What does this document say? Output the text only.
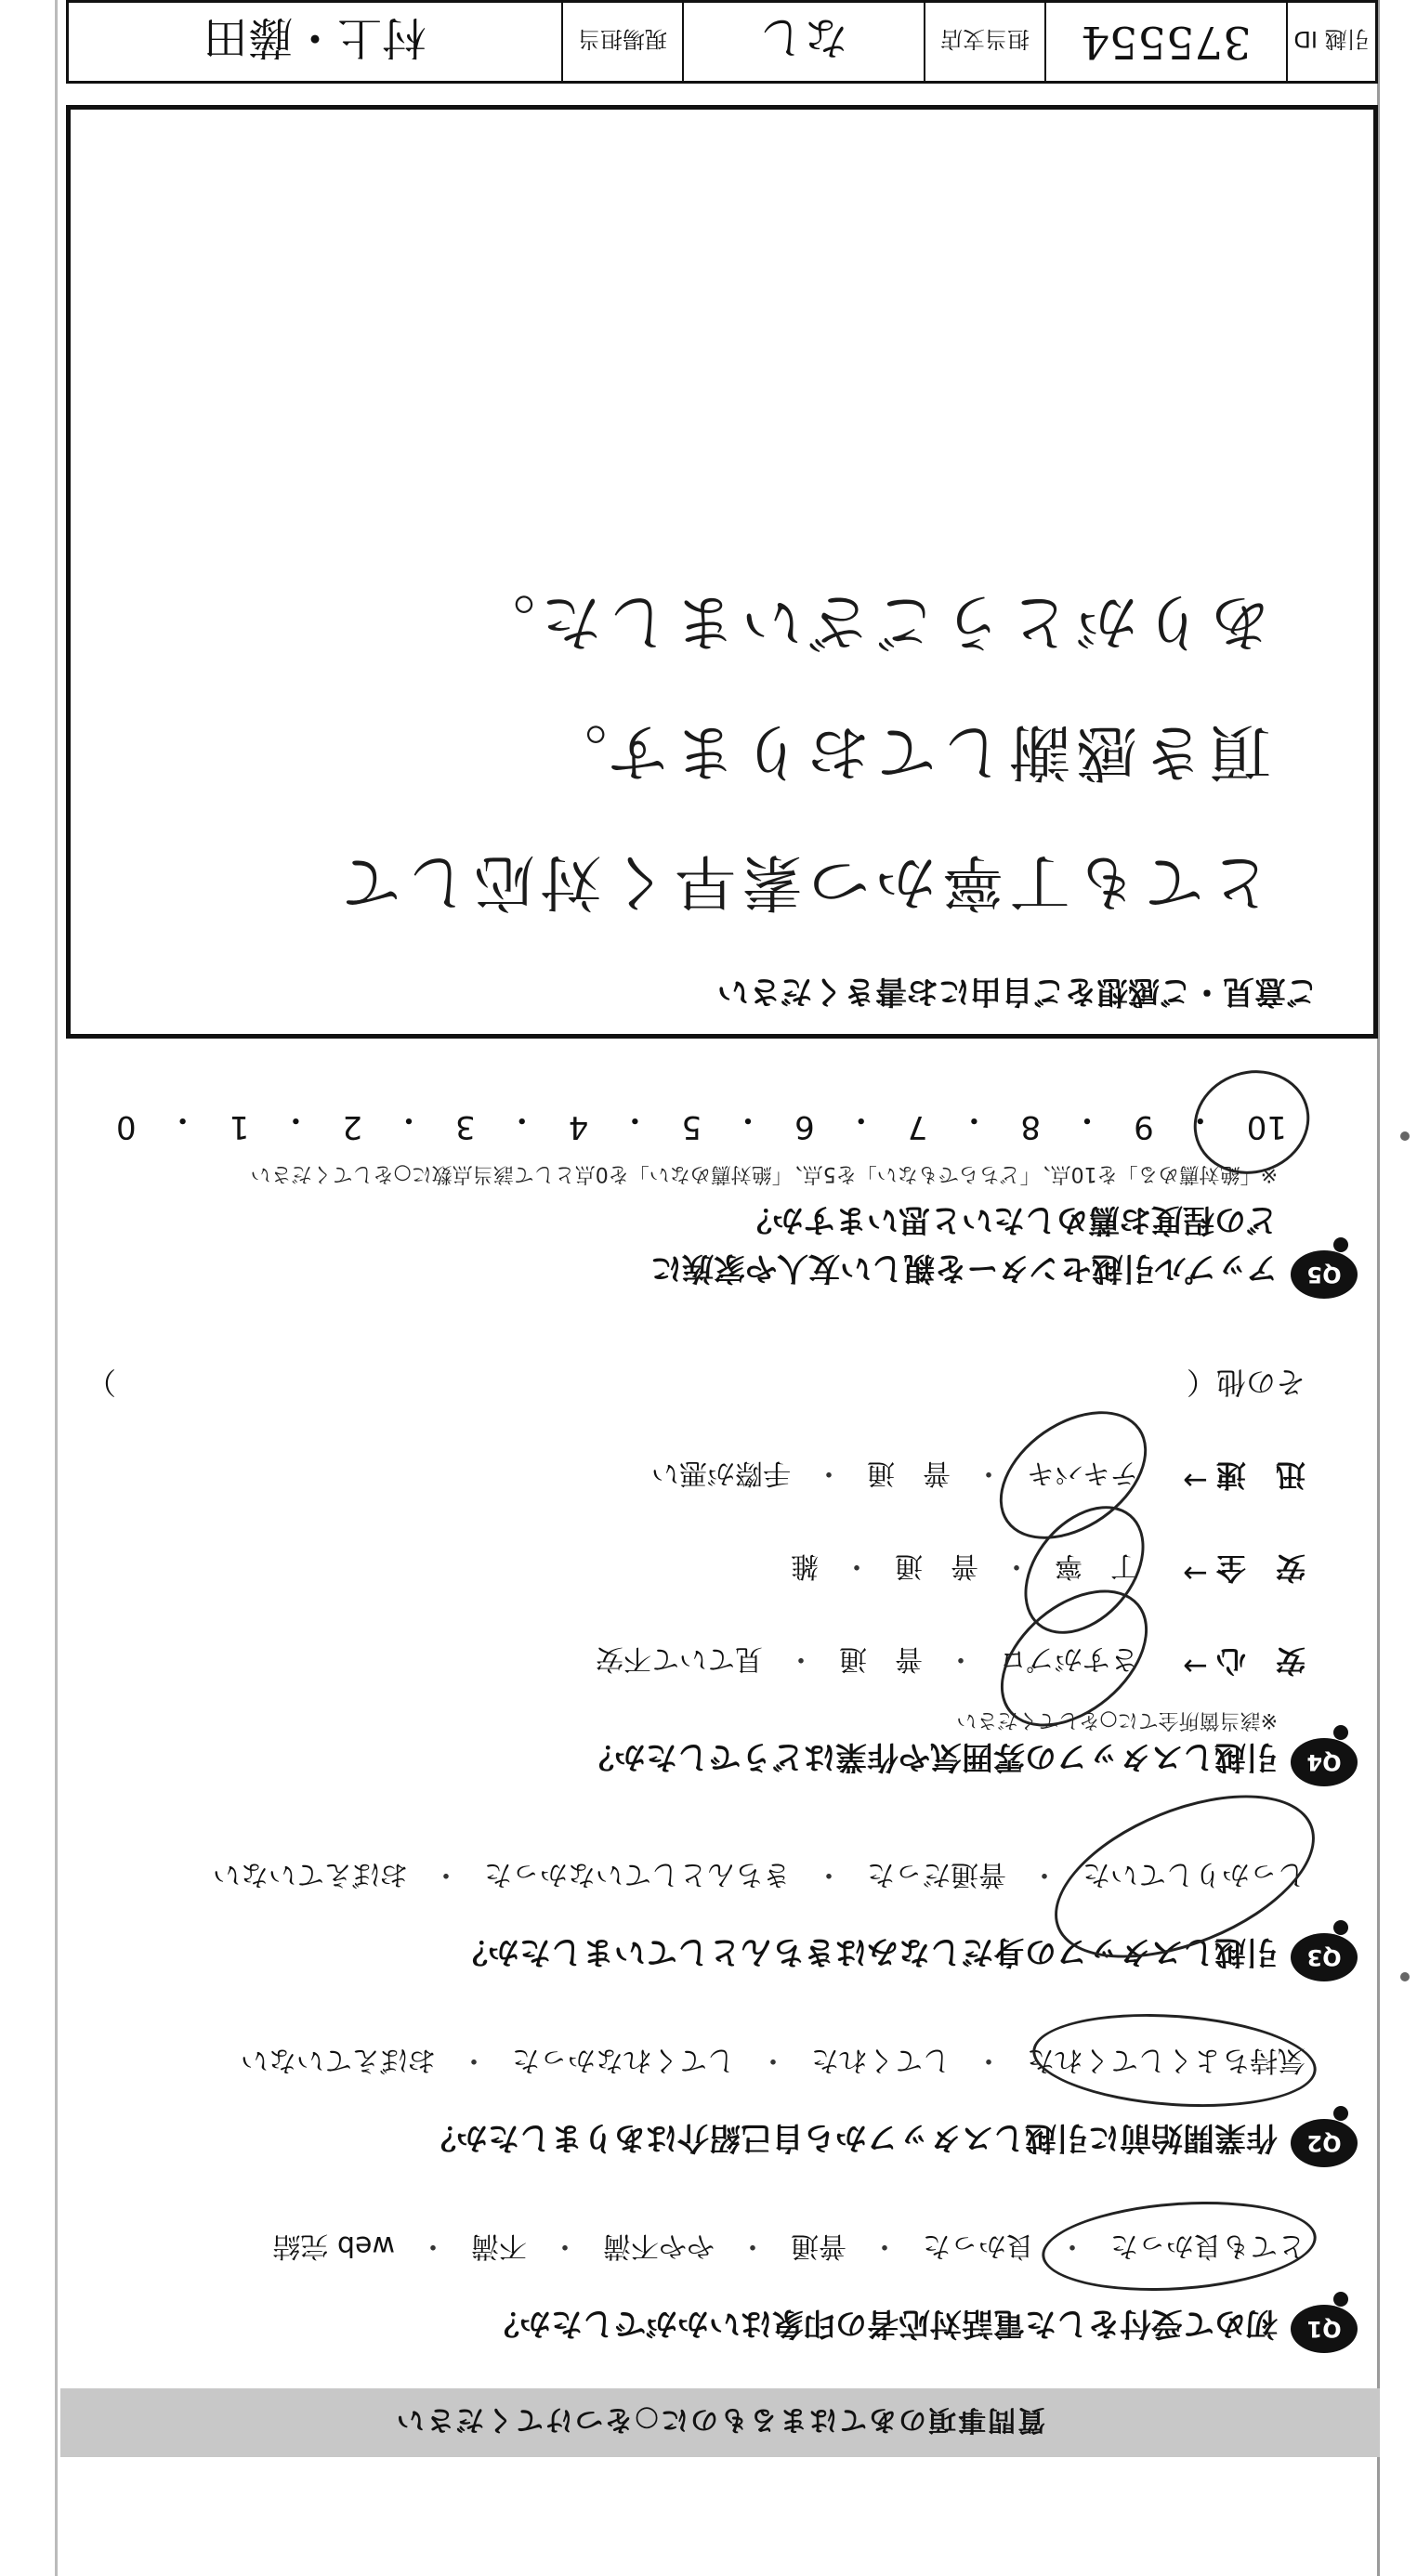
質問事項のあてはまるものに○をつけてください
Q1
初めて受付をした電話対応者の印象はいかがでしたか？
とても良かった
・
良かった
・
普通
・
やや不満
・
不満
・
web 完結
Q2
作業開始前に引越しスタッフから自己紹介はありましたか？
気持ちよくしてくれた
・
してくれた
・
してくれなかった
・
おぼえていない
Q3
引越しスタッフの身だしなみはきちんとしていましたか？
しっかりしていた
・
普通だった
・
きちんとしていなかった
・
おぼえていない
Q4
引越しスタッフの雰囲気や作業はどうでしたか？
※該当箇所全てに○をしてください
安　心
→
さすがプロ
・
普　通
・
見ていて不安
安　全
→
丁　寧
・
普　通
・
雑
迅　速
→
テキパキ
・
普　通
・
手際が悪い
その他（
）
Q5
アップル引越センターを親しい友人や家族に
どの程度お薦めしたいと思いますか？
※「絶対薦める」を10点、「どちらでもない」を5点、「絶対薦めない」を0点として該当点数に○をしてください
10
・
9
・
8
・
7
・
6
・
5
・
4
・
3
・
2
・
1
・
0
ご意見・ご感想をご自由にお書きください
とても丁寧かつ素早く対応して
頂き感謝しております。
ありがとうございました。
引越 ID
375554
担当支店
なし
現場担当
村上・藤田
